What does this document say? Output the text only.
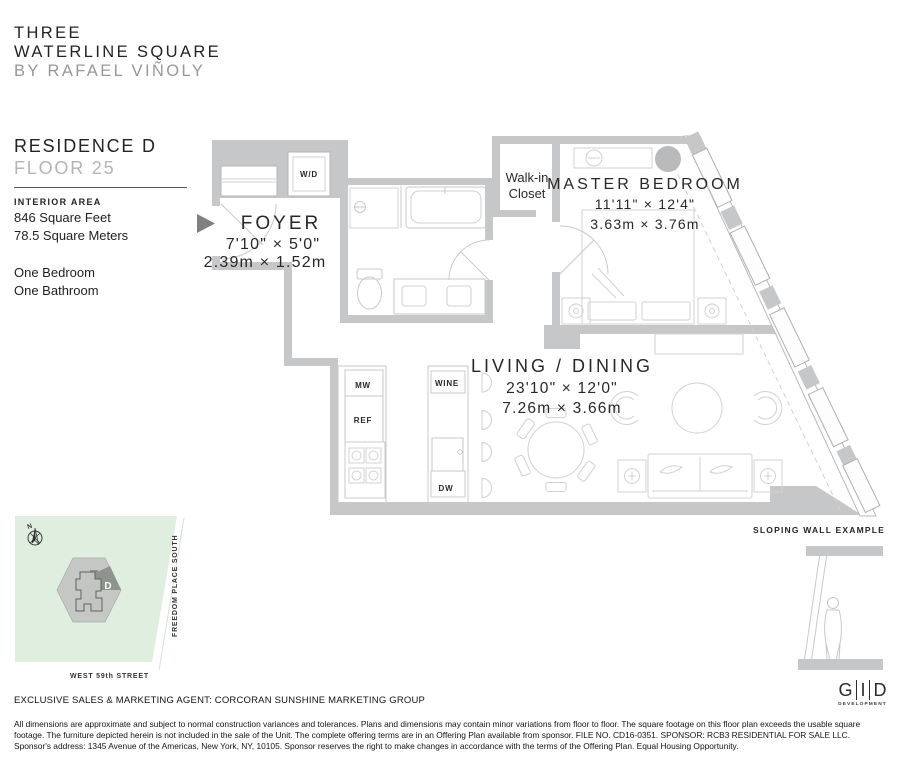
FOYER
7'10" × 5'0"
2.39m × 1.52m
MASTER BEDROOM
11'11" × 12'4"
3.63m × 3.76m
Walk-in
Closet
LIVING / DINING
23'10" × 12'0"
7.26m × 3.66m
W/D
MW
REF
WINE
DW
D
N
FREEDOM PLACE SOUTH
WEST 59th STREET
SLOPING WALL EXAMPLE
THREE
WATERLINE SQUARE
BY RAFAEL VIÑOLY
RESIDENCE D
FLOOR 25
INTERIOR AREA
846 Square Feet
78.5 Square Meters
One Bedroom
One Bathroom
EXCLUSIVE SALES & MARKETING AGENT: CORCORAN SUNSHINE MARKETING GROUP

All dimensions are approximate and subject to normal construction variances and tolerances. Plans and dimensions may contain minor variations from floor to floor. The square footage on this floor plan exceeds the usable square footage. The furniture depicted herein is not included in the sale of the Unit. The complete offering terms are in an Offering Plan available from sponsor. FILE NO. CD16-0351. SPONSOR: RCB3 RESIDENTIAL FOR SALE LLC. Sponsor's address: 1345 Avenue of the Americas, New York, NY, 10105. Sponsor reserves the right to make changes in accordance with the terms of the Offering Plan. Equal Housing Opportunity.

G I D
DEVELOPMENT
